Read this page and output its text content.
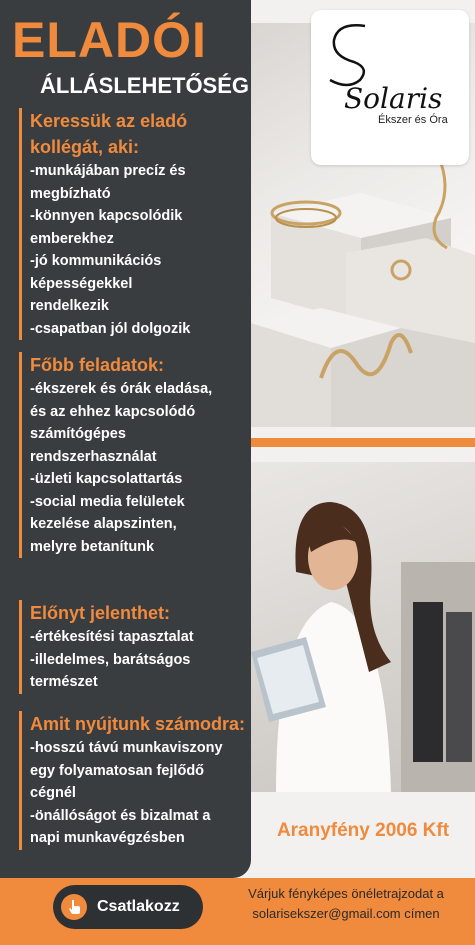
ELADÓI
ÁLLÁSLEHETŐSÉG

Keressük az eladó

kollégát, aki:

-munkájában precíz és

megbízható

-könnyen kapcsolódik

emberekhez

-jó kommunikációs

képességekkel

rendelkezik

-csapatban jól dolgozik

Főbb feladatok:

-ékszerek és órák eladása,

és az ehhez kapcsolódó

számítógépes

rendszerhasználat

-üzleti kapcsolattartás

-social media felületek

kezelése alapszinten,

melyre betanítunk

Előnyt jelenthet:

-értékesítési tapasztalat

-illedelmes, barátságos

természet

Amit nyújtunk számodra:

-hosszú távú munkaviszony

egy folyamatosan fejlődő

cégnél

-önállóságot és bizalmat a

napi munkavégzésben

Solaris

Ékszer és Óra

Aranyfény 2006 Kft

Csatlakozz

Várjuk fényképes önéletrajzodat a
solarisekszer@gmail.com címen
